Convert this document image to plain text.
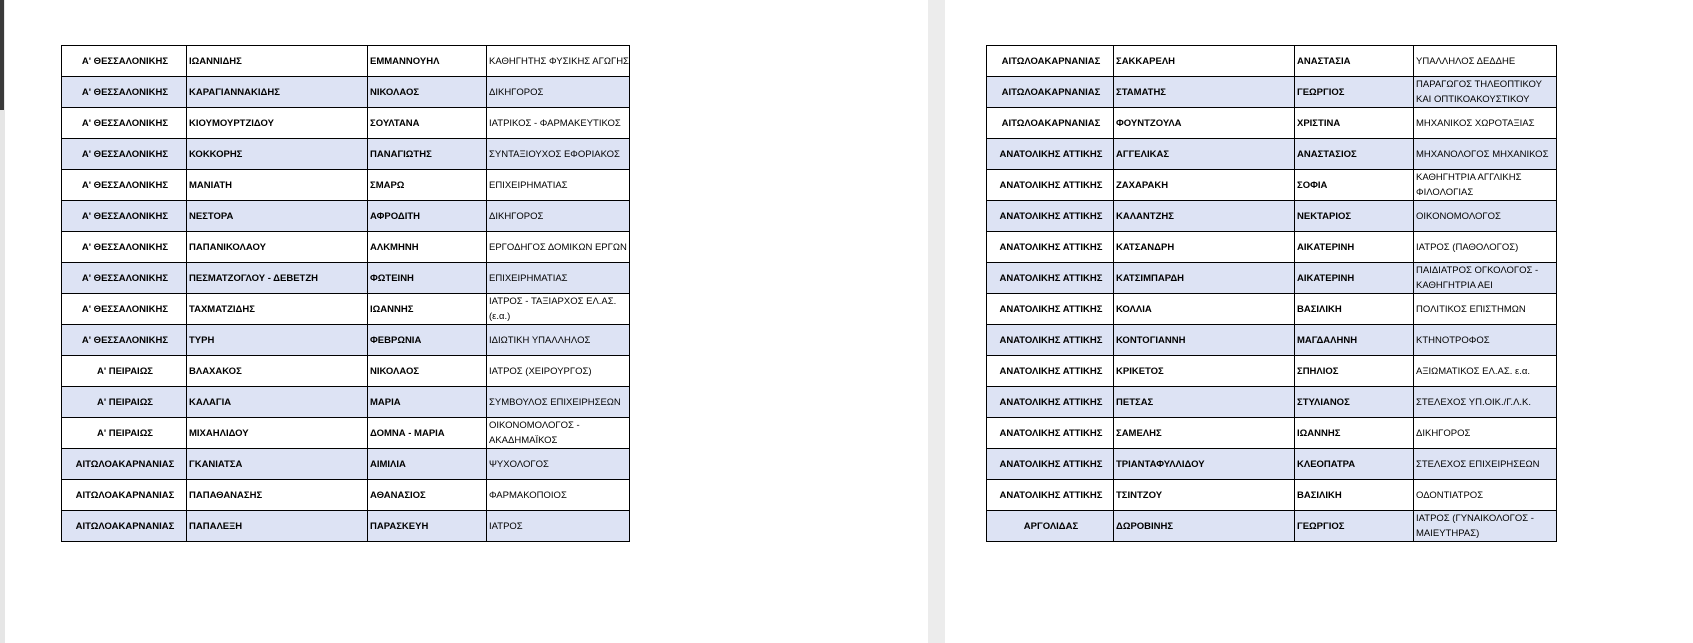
Α' ΘΕΣΣΑΛΟΝΙΚΗΣ	ΙΩΑΝΝΙΔΗΣ	ΕΜΜΑΝΝΟΥΗΛ	ΚΑΘΗΓΗΤΗΣ ΦΥΣΙΚΗΣ ΑΓΩΓΗΣ
Α' ΘΕΣΣΑΛΟΝΙΚΗΣ	ΚΑΡΑΓΙΑΝΝΑΚΙΔΗΣ	ΝΙΚΟΛΑΟΣ	ΔΙΚΗΓΟΡΟΣ
Α' ΘΕΣΣΑΛΟΝΙΚΗΣ	ΚΙΟΥΜΟΥΡΤΖΙΔΟΥ	ΣΟΥΛΤΑΝΑ	ΙΑΤΡΙΚΟΣ - ΦΑΡΜΑΚΕΥΤΙΚΟΣ
Α' ΘΕΣΣΑΛΟΝΙΚΗΣ	ΚΟΚΚΟΡΗΣ	ΠΑΝΑΓΙΩΤΗΣ	ΣΥΝΤΑΞΙΟΥΧΟΣ ΕΦΟΡΙΑΚΟΣ
Α' ΘΕΣΣΑΛΟΝΙΚΗΣ	ΜΑΝΙΑΤΗ	ΣΜΑΡΩ	ΕΠΙΧΕΙΡΗΜΑΤΙΑΣ
Α' ΘΕΣΣΑΛΟΝΙΚΗΣ	ΝΕΣΤΟΡΑ	ΑΦΡΟΔΙΤΗ	ΔΙΚΗΓΟΡΟΣ
Α' ΘΕΣΣΑΛΟΝΙΚΗΣ	ΠΑΠΑΝΙΚΟΛΑΟΥ	ΑΛΚΜΗΝΗ	ΕΡΓΟΔΗΓΟΣ ΔΟΜΙΚΩΝ ΕΡΓΩΝ
Α' ΘΕΣΣΑΛΟΝΙΚΗΣ	ΠΕΣΜΑΤΖΟΓΛΟΥ - ΔΕΒΕΤΖΗ	ΦΩΤΕΙΝΗ	ΕΠΙΧΕΙΡΗΜΑΤΙΑΣ
Α' ΘΕΣΣΑΛΟΝΙΚΗΣ	ΤΑΧΜΑΤΖΙΔΗΣ	ΙΩΑΝΝΗΣ	ΙΑΤΡΟΣ - ΤΑΞΙΑΡΧΟΣ ΕΛ.ΑΣ. (ε.α.)
Α' ΘΕΣΣΑΛΟΝΙΚΗΣ	ΤΥΡΗ	ΦΕΒΡΩΝΙΑ	ΙΔΙΩΤΙΚΗ ΥΠΑΛΛΗΛΟΣ
Α' ΠΕΙΡΑΙΩΣ	ΒΛΑΧΑΚΟΣ	ΝΙΚΟΛΑΟΣ	ΙΑΤΡΟΣ (ΧΕΙΡΟΥΡΓΟΣ)
Α' ΠΕΙΡΑΙΩΣ	ΚΑΛΑΓΙΑ	ΜΑΡΙΑ	ΣΥΜΒΟΥΛΟΣ ΕΠΙΧΕΙΡΗΣΕΩΝ
Α' ΠΕΙΡΑΙΩΣ	ΜΙΧΑΗΛΙΔΟΥ	ΔΟΜΝΑ - ΜΑΡΙΑ	ΟΙΚΟΝΟΜΟΛΟΓΟΣ - ΑΚΑΔΗΜΑΪΚΟΣ
ΑΙΤΩΛΟΑΚΑΡΝΑΝΙΑΣ	ΓΚΑΝΙΑΤΣΑ	ΑΙΜΙΛΙΑ	ΨΥΧΟΛΟΓΟΣ
ΑΙΤΩΛΟΑΚΑΡΝΑΝΙΑΣ	ΠΑΠΑΘΑΝΑΣΗΣ	ΑΘΑΝΑΣΙΟΣ	ΦΑΡΜΑΚΟΠΟΙΟΣ
ΑΙΤΩΛΟΑΚΑΡΝΑΝΙΑΣ	ΠΑΠΑΛΕΞΗ	ΠΑΡΑΣΚΕΥΗ	ΙΑΤΡΟΣ
ΑΙΤΩΛΟΑΚΑΡΝΑΝΙΑΣ	ΣΑΚΚΑΡΕΛΗ	ΑΝΑΣΤΑΣΙΑ	ΥΠΑΛΛΗΛΟΣ ΔΕΔΔΗΕ
ΑΙΤΩΛΟΑΚΑΡΝΑΝΙΑΣ	ΣΤΑΜΑΤΗΣ	ΓΕΩΡΓΙΟΣ	ΠΑΡΑΓΩΓΟΣ ΤΗΛΕΟΠΤΙΚΟΥ ΚΑΙ ΟΠΤΙΚΟΑΚΟΥΣΤΙΚΟΥ
ΑΙΤΩΛΟΑΚΑΡΝΑΝΙΑΣ	ΦΟΥΝΤΖΟΥΛΑ	ΧΡΙΣΤΙΝΑ	ΜΗΧΑΝΙΚΟΣ ΧΩΡΟΤΑΞΙΑΣ
ΑΝΑΤΟΛΙΚΗΣ ΑΤΤΙΚΗΣ	ΑΓΓΕΛΙΚΑΣ	ΑΝΑΣΤΑΣΙΟΣ	ΜΗΧΑΝΟΛΟΓΟΣ ΜΗΧΑΝΙΚΟΣ
ΑΝΑΤΟΛΙΚΗΣ ΑΤΤΙΚΗΣ	ΖΑΧΑΡΑΚΗ	ΣΟΦΙΑ	ΚΑΘΗΓΗΤΡΙΑ ΑΓΓΛΙΚΗΣ ΦΙΛΟΛΟΓΙΑΣ
ΑΝΑΤΟΛΙΚΗΣ ΑΤΤΙΚΗΣ	ΚΑΛΑΝΤΖΗΣ	ΝΕΚΤΑΡΙΟΣ	ΟΙΚΟΝΟΜΟΛΟΓΟΣ
ΑΝΑΤΟΛΙΚΗΣ ΑΤΤΙΚΗΣ	ΚΑΤΣΑΝΔΡΗ	ΑΙΚΑΤΕΡΙΝΗ	ΙΑΤΡΟΣ (ΠΑΘΟΛΟΓΟΣ)
ΑΝΑΤΟΛΙΚΗΣ ΑΤΤΙΚΗΣ	ΚΑΤΣΙΜΠΑΡΔΗ	ΑΙΚΑΤΕΡΙΝΗ	ΠΑΙΔΙΑΤΡΟΣ ΟΓΚΟΛΟΓΟΣ - ΚΑΘΗΓΗΤΡΙΑ ΑΕΙ
ΑΝΑΤΟΛΙΚΗΣ ΑΤΤΙΚΗΣ	ΚΟΛΛΙΑ	ΒΑΣΙΛΙΚΗ	ΠΟΛΙΤΙΚΟΣ ΕΠΙΣΤΗΜΩΝ
ΑΝΑΤΟΛΙΚΗΣ ΑΤΤΙΚΗΣ	ΚΟΝΤΟΓΙΑΝΝΗ	ΜΑΓΔΑΛΗΝΗ	ΚΤΗΝΟΤΡΟΦΟΣ
ΑΝΑΤΟΛΙΚΗΣ ΑΤΤΙΚΗΣ	ΚΡΙΚΕΤΟΣ	ΣΠΗΛΙΟΣ	ΑΞΙΩΜΑΤΙΚΟΣ ΕΛ.ΑΣ. ε.α.
ΑΝΑΤΟΛΙΚΗΣ ΑΤΤΙΚΗΣ	ΠΕΤΣΑΣ	ΣΤΥΛΙΑΝΟΣ	ΣΤΕΛΕΧΟΣ ΥΠ.ΟΙΚ./Γ.Λ.Κ.
ΑΝΑΤΟΛΙΚΗΣ ΑΤΤΙΚΗΣ	ΣΑΜΕΛΗΣ	ΙΩΑΝΝΗΣ	ΔΙΚΗΓΟΡΟΣ
ΑΝΑΤΟΛΙΚΗΣ ΑΤΤΙΚΗΣ	ΤΡΙΑΝΤΑΦΥΛΛΙΔΟΥ	ΚΛΕΟΠΑΤΡΑ	ΣΤΕΛΕΧΟΣ ΕΠΙΧΕΙΡΗΣΕΩΝ
ΑΝΑΤΟΛΙΚΗΣ ΑΤΤΙΚΗΣ	ΤΣΙΝΤΖΟΥ	ΒΑΣΙΛΙΚΗ	ΟΔΟΝΤΙΑΤΡΟΣ
ΑΡΓΟΛΙΔΑΣ	ΔΩΡΟΒΙΝΗΣ	ΓΕΩΡΓΙΟΣ	ΙΑΤΡΟΣ (ΓΥΝΑΙΚΟΛΟΓΟΣ - ΜΑΙΕΥΤΗΡΑΣ)
